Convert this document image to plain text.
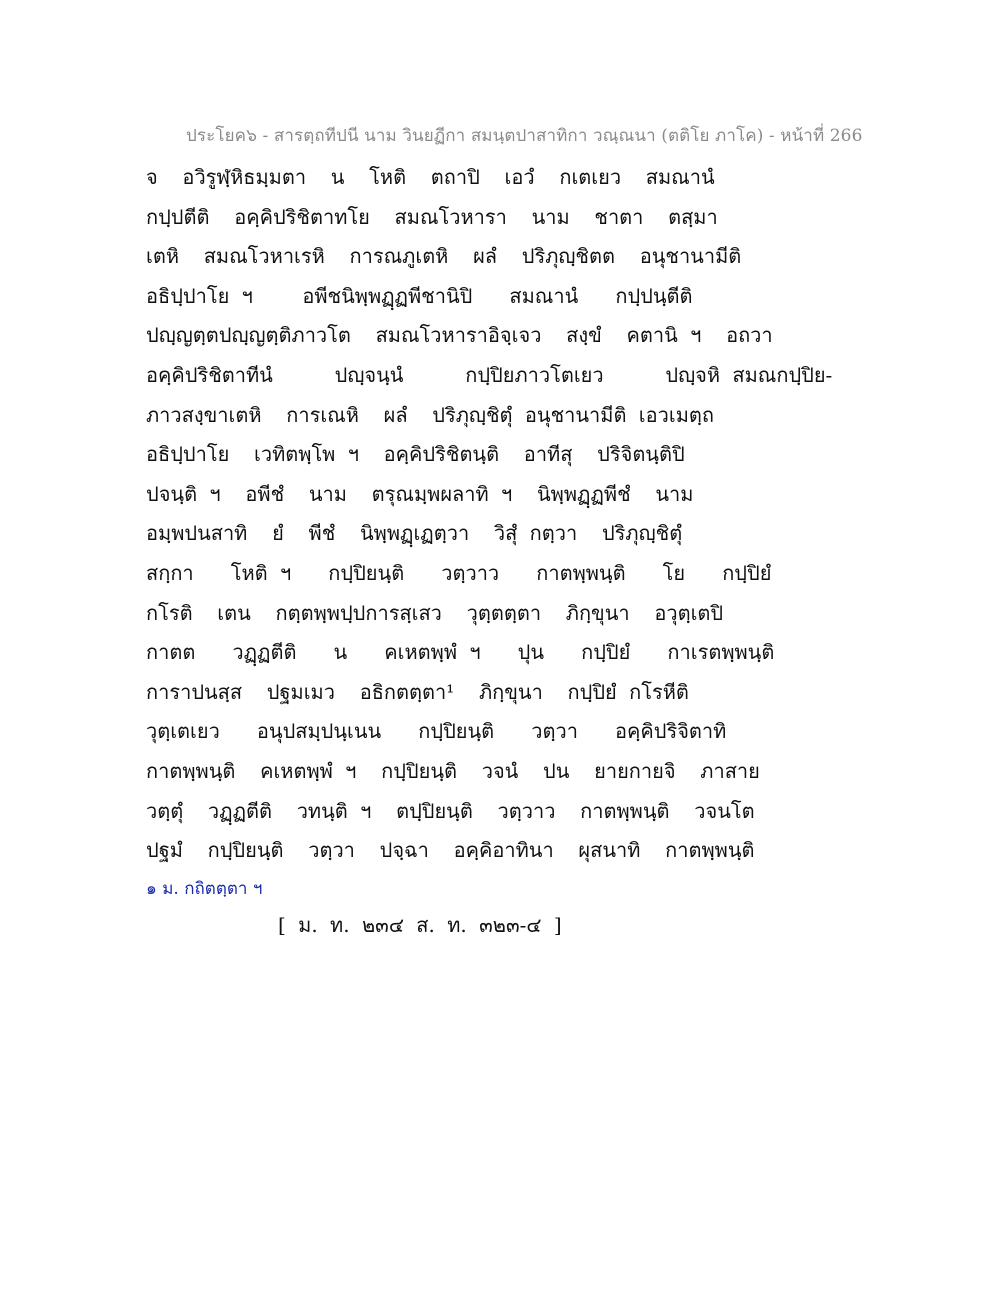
ประโยค๖ - สารตฺถทีปนี นาม วินยฏีกา สมนฺตปาสาทิกา วณฺณนา (ตติโย ภาโค) - หน้าที่ 266
จ  อวิรูฬฺหิธมฺมตา  น  โหติ  ตถาปิ  เอวํ  กเตเยว  สมณานํ
กปฺปตีติ  อคฺคิปริชิตาทโย  สมณโวหารา  นาม  ชาตา  ตสฺมา
เตหิ  สมณโวหาเรหิ  การณภูเตหิ  ผลํ  ปริภุญฺชิตต  อนุชานามีติ
อธิปฺปาโย ฯ    อพีชนิพฺพฏฺฏพีชานิปิ   สมณานํ   กปฺปนฺตีติ
ปญฺญตฺตปญฺญตฺติภาวโต  สมณโวหาราอิจฺเจว  สงฺขํ  คตานิ ฯ  อถวา
อคฺคิปริชิตาทีนํ     ปญฺจนฺนํ     กปฺปิยภาวโตเยว     ปญฺจหิ สมณกปฺปิย-
ภาวสงฺขาเตหิ  การเณหิ  ผลํ  ปริภุญฺชิตุํ อนุชานามีติ เอวเมตฺถ
อธิปฺปาโย  เวทิตพฺโพ ฯ  อคฺคิปริชิตนฺติ  อาทีสุ  ปริจิตนฺติปิ
ปจนฺติ ฯ  อพีชํ  นาม  ตรุณมฺพผลาทิ ฯ  นิพฺพฏฺฏพีชํ  นาม
อมฺพปนสาทิ  ยํ  พีชํ  นิพฺพฏฺเฏตฺวา  วิสุํ กตฺวา  ปริภุญฺชิตุํ
สกฺกา   โหติ ฯ   กปฺปิยนฺติ   วตฺวาว   กาตพฺพนฺติ   โย   กปฺปิยํ
กโรติ  เตน  กตฺตพฺพปฺปการสฺเสว  วุตฺตตฺตา  ภิกฺขุนา  อวุตฺเตปิ
กาตต   วฏฺฏตีติ   น   คเหตพฺพํ ฯ   ปุน   กปฺปิยํ   กาเรตพฺพนฺติ
การาปนสฺส  ปฐมเมว  อธิกตตฺตา¹  ภิกฺขุนา  กปฺปิยํ กโรหีติ
วุตฺเตเยว   อนุปสมฺปนฺเนน   กปฺปิยนฺติ   วตฺวา   อคฺคิปริจิตาทิ
กาตพฺพนฺติ  คเหตพฺพํ ฯ  กปฺปิยนฺติ  วจนํ  ปน  ยายกายจิ  ภาสาย
วตฺตุํ  วฏฺฏตีติ  วทนฺติ ฯ  ตปฺปิยนฺติ  วตฺวาว  กาตพฺพนฺติ  วจนโต
ปฐมํ  กปฺปิยนฺติ  วตฺวา  ปจฺฉา  อคฺคิอาทินา  ผุสนาทิ  กาตพฺพนฺติ
๑ ม. กถิตตฺตา ฯ
[ ม. ท. ๒๓๔ ส. ท. ๓๒๓-๔ ]
